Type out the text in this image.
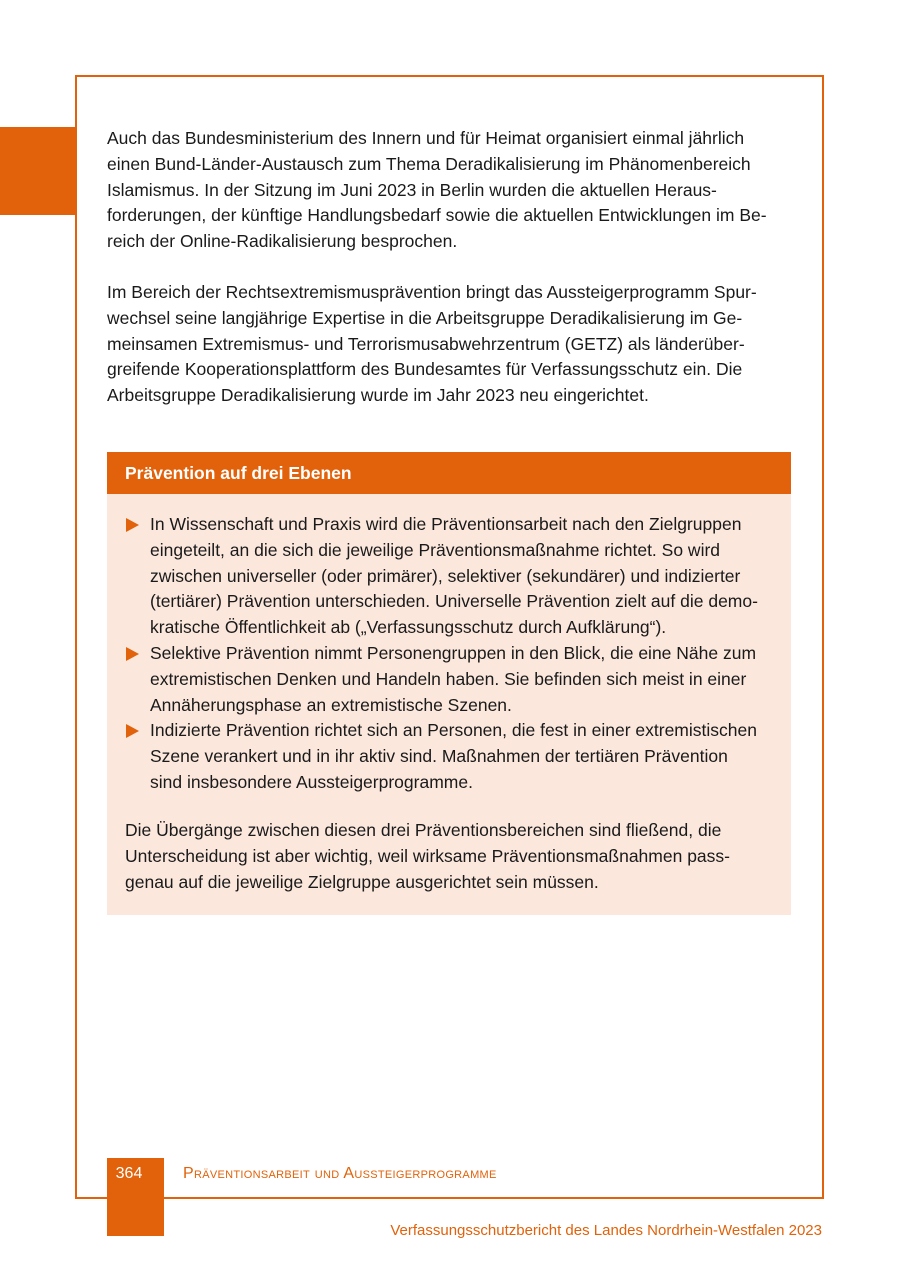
Auch das Bundesministerium des Innern und für Heimat organisiert einmal jährlich
einen Bund-Länder-Austausch zum Thema Deradikalisierung im Phänomenbereich
Islamismus. In der Sitzung im Juni 2023 in Berlin wurden die aktuellen Heraus-
forderungen, der künftige Handlungsbedarf sowie die aktuellen Entwicklungen im Be-
reich der Online-Radikalisierung besprochen.
Im Bereich der Rechtsextremismusprävention bringt das Aussteigerprogramm Spur-
wechsel seine langjährige Expertise in die Arbeitsgruppe Deradikalisierung im Ge-
meinsamen Extremismus- und Terrorismusabwehrzentrum (GETZ) als länderüber-
greifende Kooperationsplattform des Bundesamtes für Verfassungsschutz ein. Die
Arbeitsgruppe Deradikalisierung wurde im Jahr 2023 neu eingerichtet.
Prävention auf drei Ebenen
In Wissenschaft und Praxis wird die Präventionsarbeit nach den Zielgruppen
eingeteilt, an die sich die jeweilige Präventionsmaßnahme richtet. So wird
zwischen universeller (oder primärer), selektiver (sekundärer) und indizierter
(tertiärer) Prävention unterschieden. Universelle Prävention zielt auf die demo-
kratische Öffentlichkeit ab („Verfassungsschutz durch Aufklärung“).
Selektive Prävention nimmt Personengruppen in den Blick, die eine Nähe zum
extremistischen Denken und Handeln haben. Sie befinden sich meist in einer
Annäherungsphase an extremistische Szenen.
Indizierte Prävention richtet sich an Personen, die fest in einer extremistischen
Szene verankert und in ihr aktiv sind. Maßnahmen der tertiären Prävention
sind insbesondere Aussteigerprogramme.
Die Übergänge zwischen diesen drei Präventionsbereichen sind fließend, die
Unterscheidung ist aber wichtig, weil wirksame Präventionsmaßnahmen pass-
genau auf die jeweilige Zielgruppe ausgerichtet sein müssen.
364	Präventionsarbeit und Aussteigerprogramme
Verfassungsschutzbericht des Landes Nordrhein-Westfalen 2023
